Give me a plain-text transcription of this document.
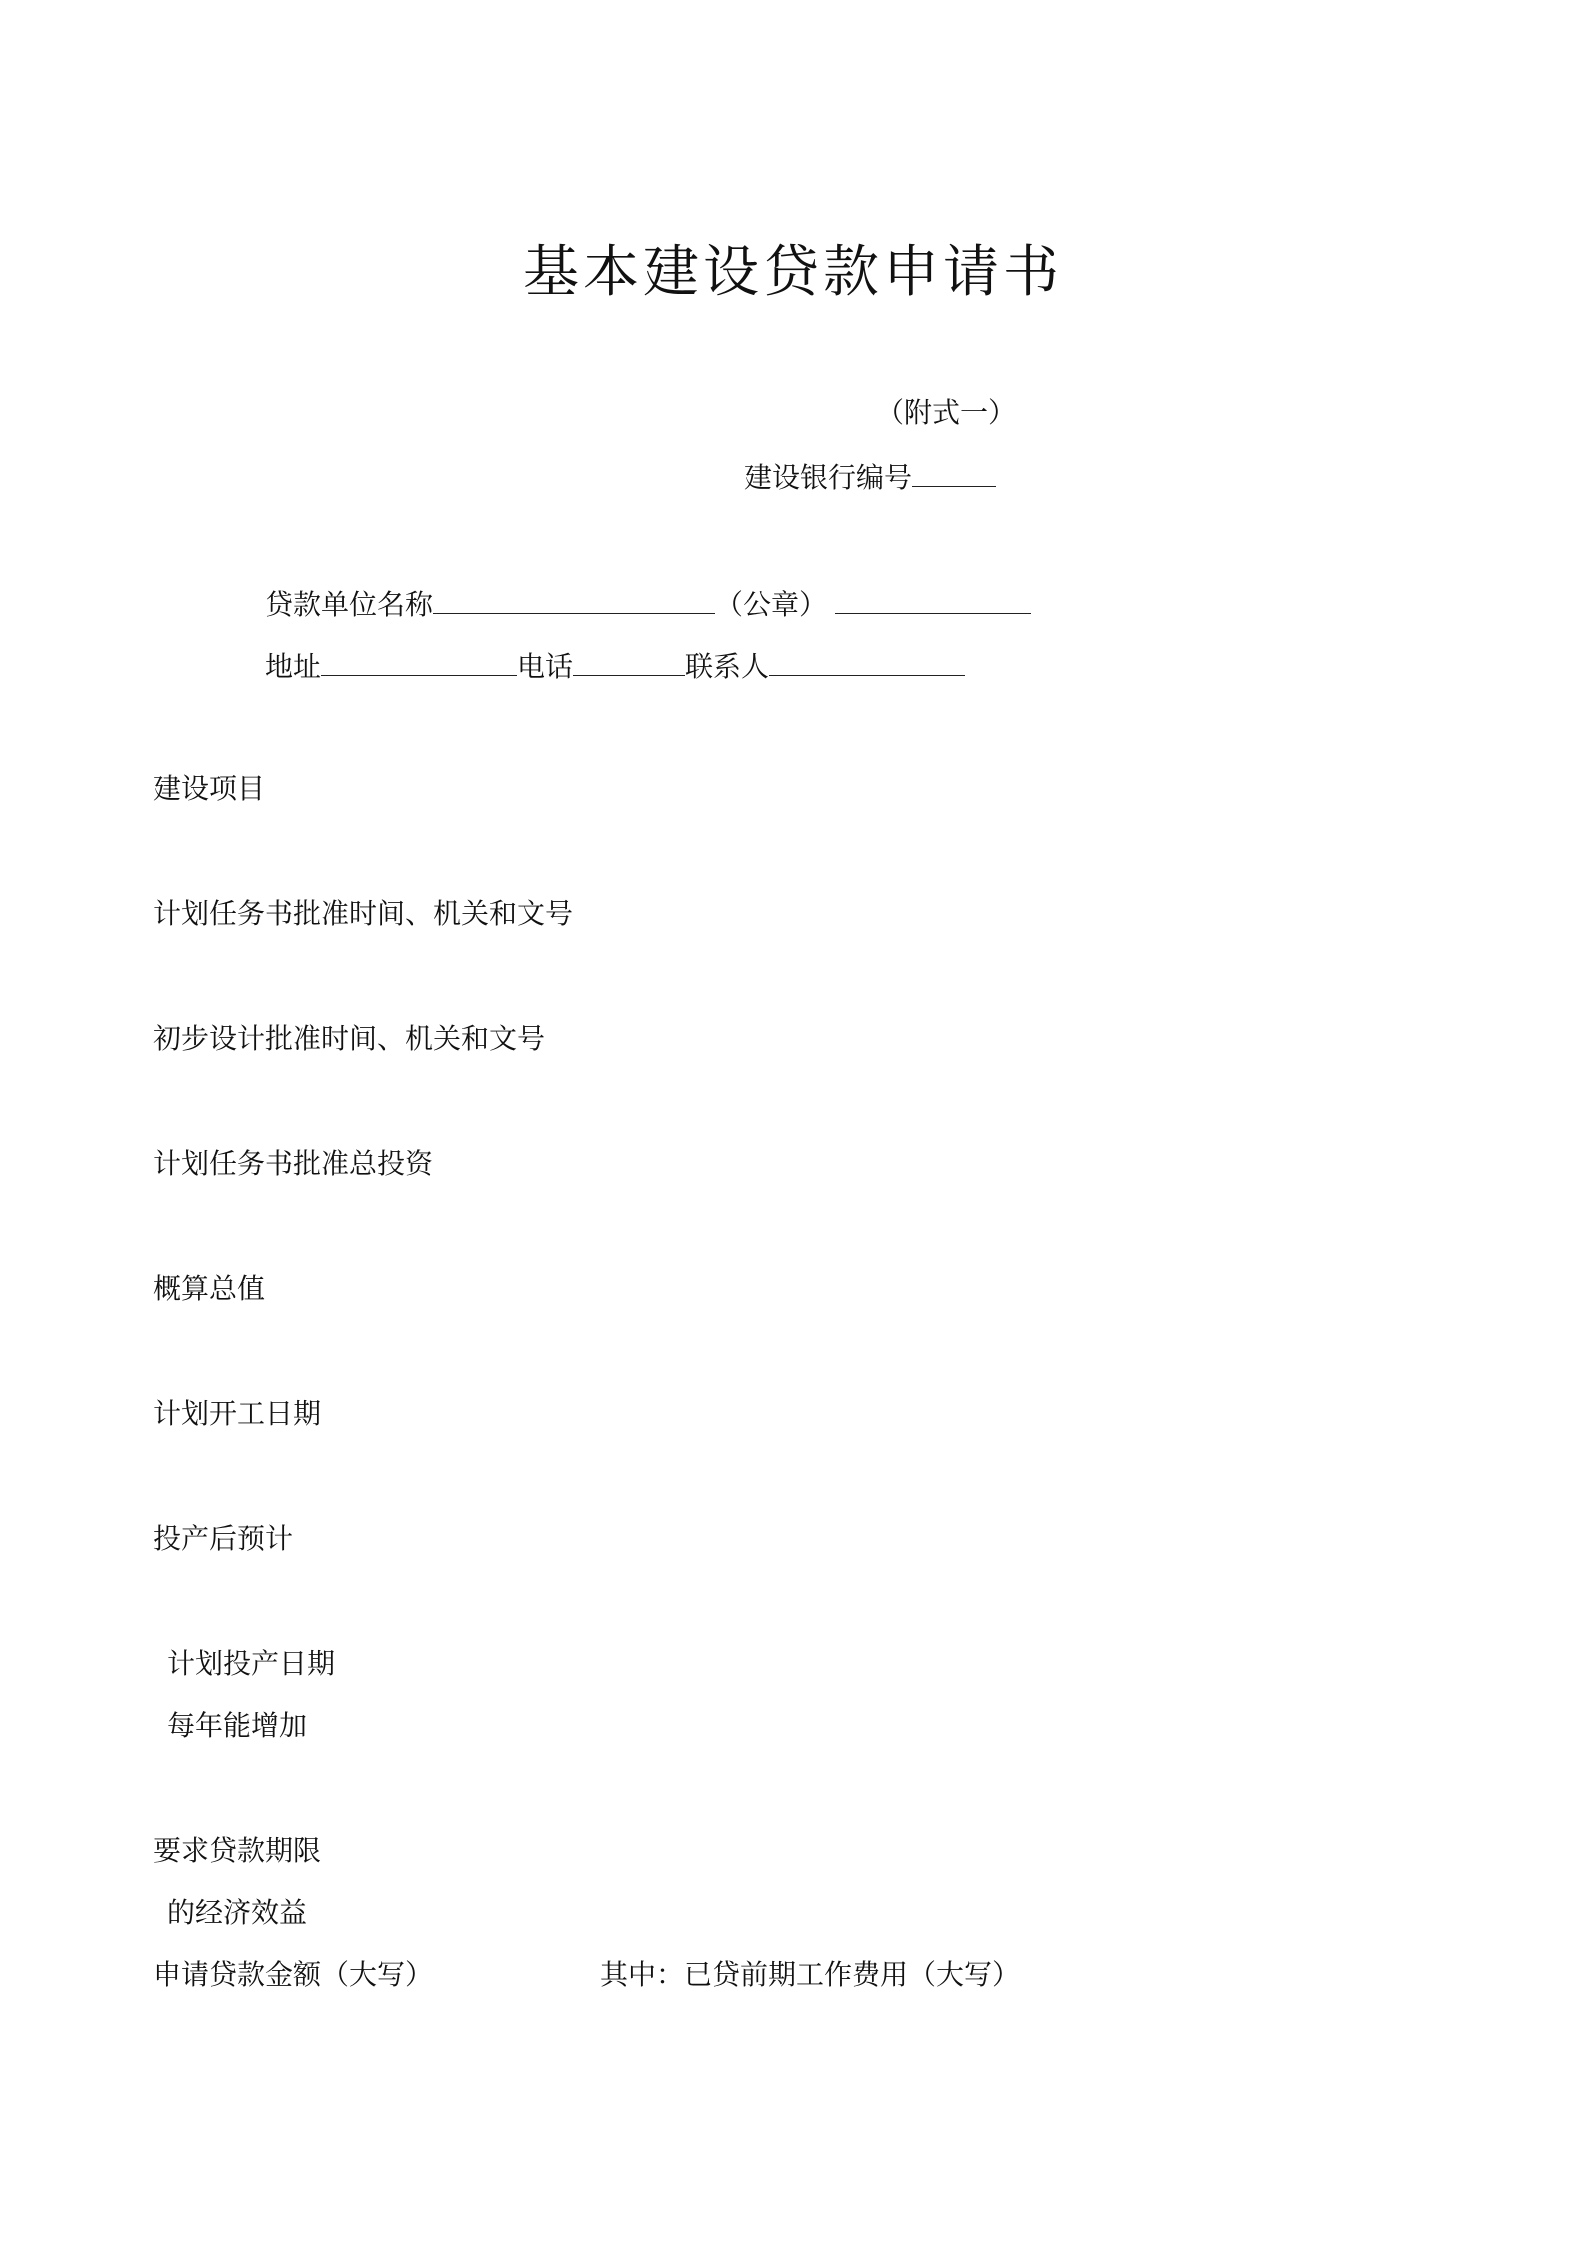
基本建设贷款申请书
（附式一）
建设银行编号
贷款单位名称	（公章）
地址	电话	联系人
建设项目
计划任务书批准时间、机关和文号
初步设计批准时间、机关和文号
计划任务书批准总投资
概算总值
计划开工日期
投产后预计
计划投产日期
每年能增加
要求贷款期限
的经济效益
申请贷款金额（大写）	其中：已贷前期工作费用（大写）
